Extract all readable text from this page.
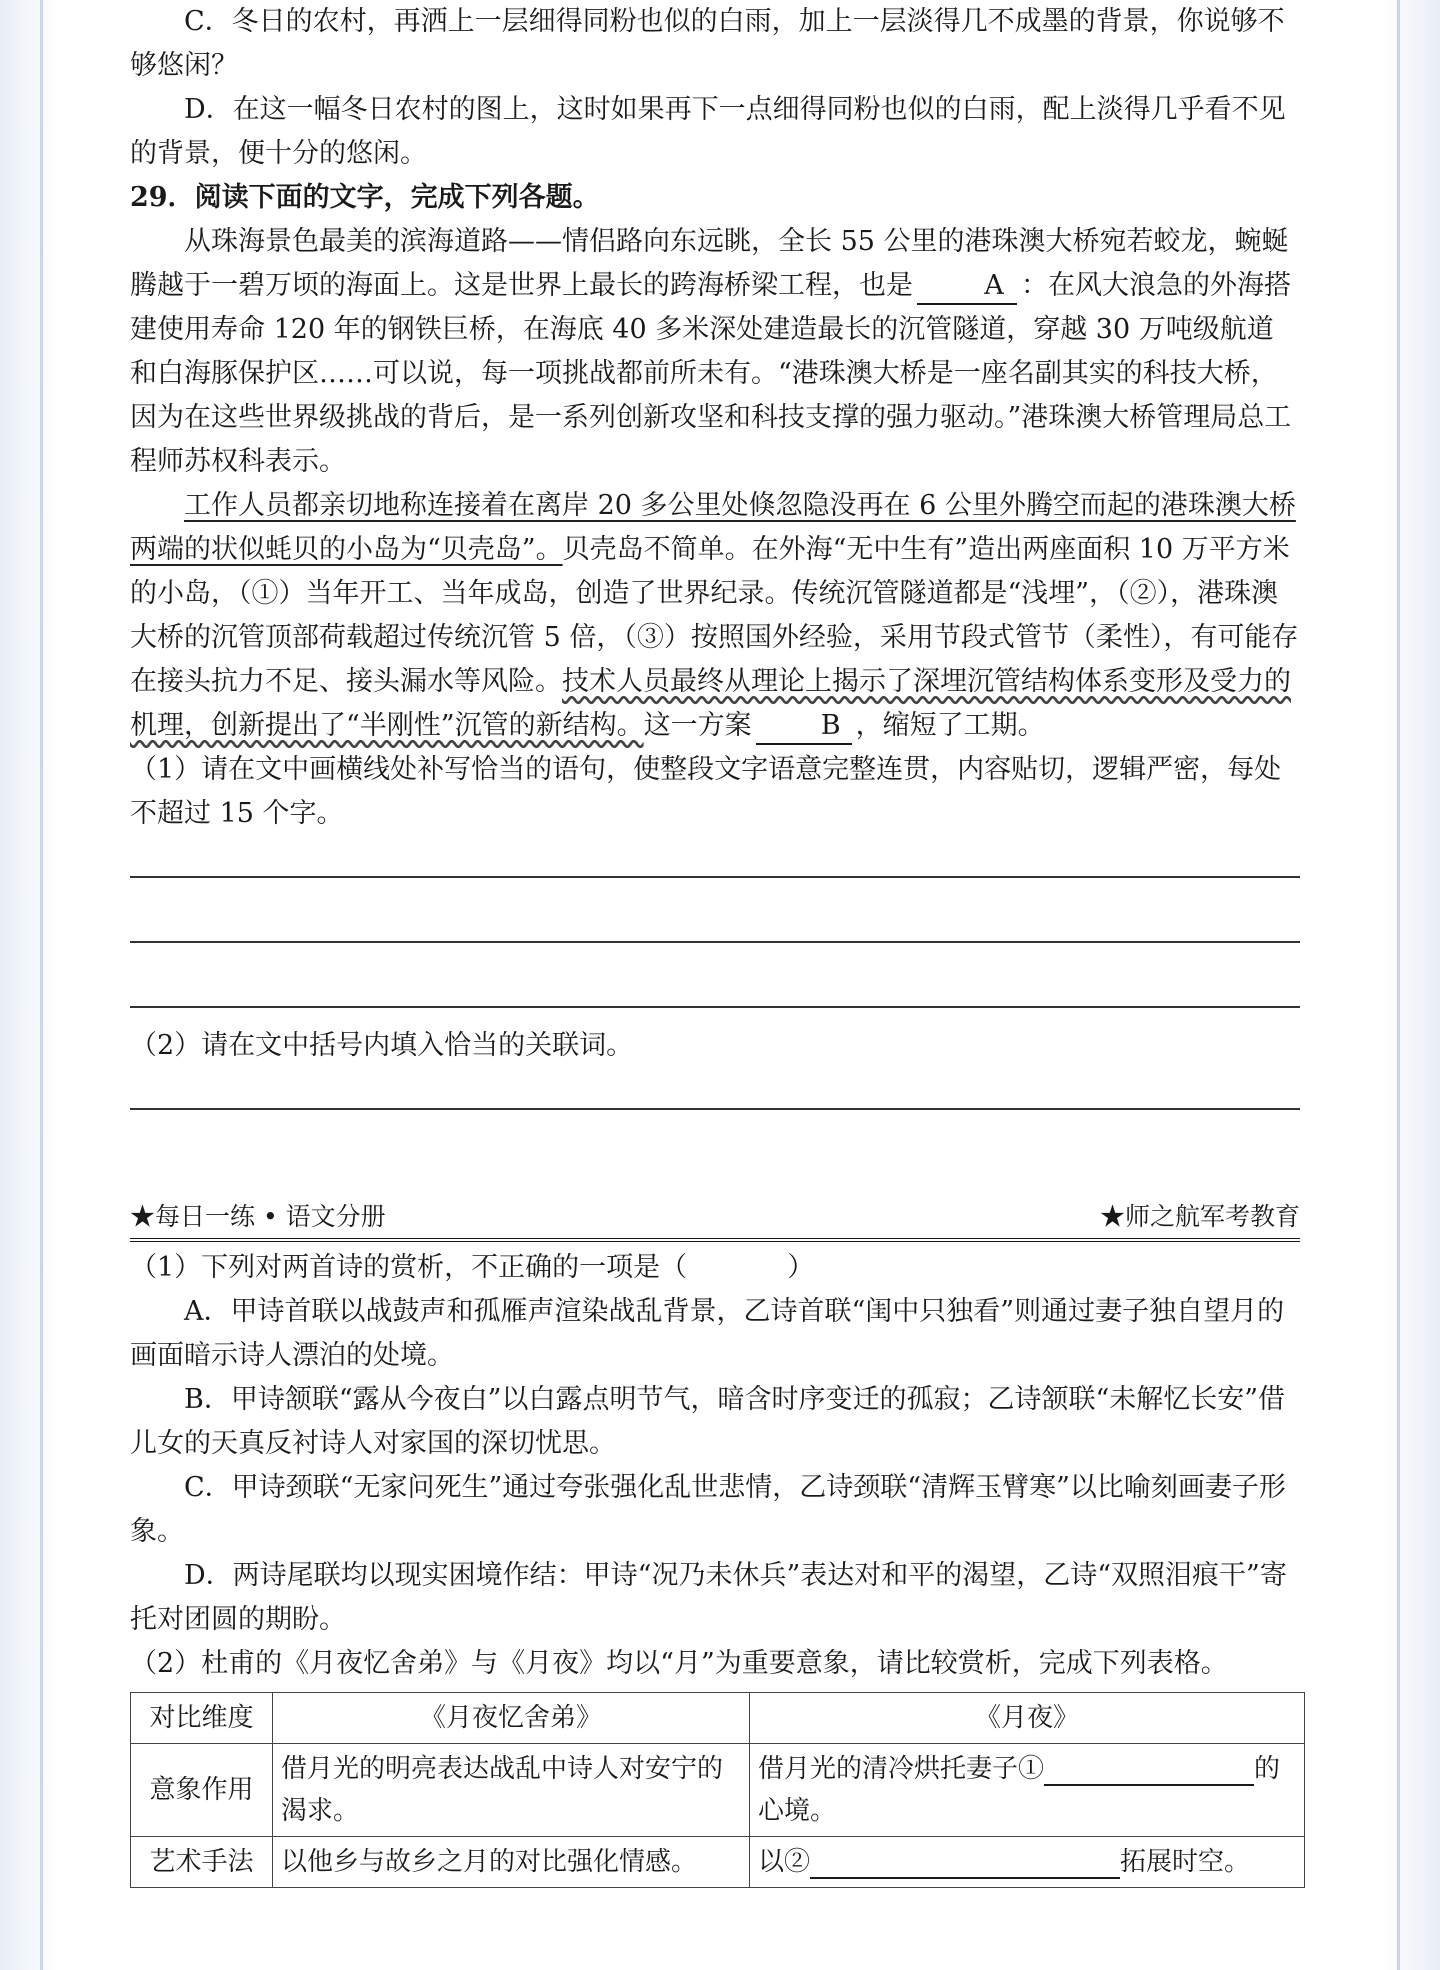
C．冬日的农村，再洒上一层细得同粉也似的白雨，加上一层淡得几不成墨的背景，你说够不够悠闲？

D．在这一幅冬日农村的图上，这时如果再下一点细得同粉也似的白雨，配上淡得几乎看不见的背景，便十分的悠闲。

29．阅读下面的文字，完成下列各题。

从珠海景色最美的滨海道路——情侣路向东远眺，全长 55 公里的港珠澳大桥宛若蛟龙，蜿蜒腾越于一碧万顷的海面上。这是世界上最长的跨海桥梁工程，也是	A ：在风大浪急的外海搭建使用寿命 120 年的钢铁巨桥，在海底 40 多米深处建造最长的沉管隧道，穿越 30 万吨级航道和白海豚保护区……可以说，每一项挑战都前所未有。“港珠澳大桥是一座名副其实的科技大桥，因为在这些世界级挑战的背后，是一系列创新攻坚和科技支撑的强力驱动。”港珠澳大桥管理局总工程师苏权科表示。

工作人员都亲切地称连接着在离岸 20 多公里处倏忽隐没再在 6 公里外腾空而起的港珠澳大桥两端的状似蚝贝的小岛为“贝壳岛”。贝壳岛不简单。在外海“无中生有”造出两座面积 10 万平方米的小岛，（①）当年开工、当年成岛，创造了世界纪录。传统沉管隧道都是“浅埋”，（②），港珠澳大桥的沉管顶部荷载超过传统沉管 5 倍，（③）按照国外经验，采用节段式管节（柔性），有可能存在接头抗力不足、接头漏水等风险。技术人员最终从理论上揭示了深埋沉管结构体系变形及受力的机理，创新提出了“半刚性”沉管的新结构。这一方案	B ，缩短了工期。

（1）请在文中画横线处补写恰当的语句，使整段文字语意完整连贯，内容贴切，逻辑严密，每处不超过 15 个字。

（2）请在文中括号内填入恰当的关联词。

★每日一练 • 语文分册	★师之航军考教育

（1）下列对两首诗的赏析，不正确的一项是（	）

A．甲诗首联以战鼓声和孤雁声渲染战乱背景，乙诗首联“闺中只独看”则通过妻子独自望月的画面暗示诗人漂泊的处境。

B．甲诗颔联“露从今夜白”以白露点明节气，暗含时序变迁的孤寂；乙诗颔联“未解忆长安”借儿女的天真反衬诗人对家国的深切忧思。

C．甲诗颈联“无家问死生”通过夸张强化乱世悲情，乙诗颈联“清辉玉臂寒”以比喻刻画妻子形象。

D．两诗尾联均以现实困境作结：甲诗“况乃未休兵”表达对和平的渴望，乙诗“双照泪痕干”寄托对团圆的期盼。

（2）杜甫的《月夜忆舍弟》与《月夜》均以“月”为重要意象，请比较赏析，完成下列表格。

对比维度	《月夜忆舍弟》	《月夜》
意象作用	借月光的明亮表达战乱中诗人对安宁的渴求。	借月光的清冷烘托妻子① 的
心境。
艺术手法	以他乡与故乡之月的对比强化情感。	以② 拓展时空。
